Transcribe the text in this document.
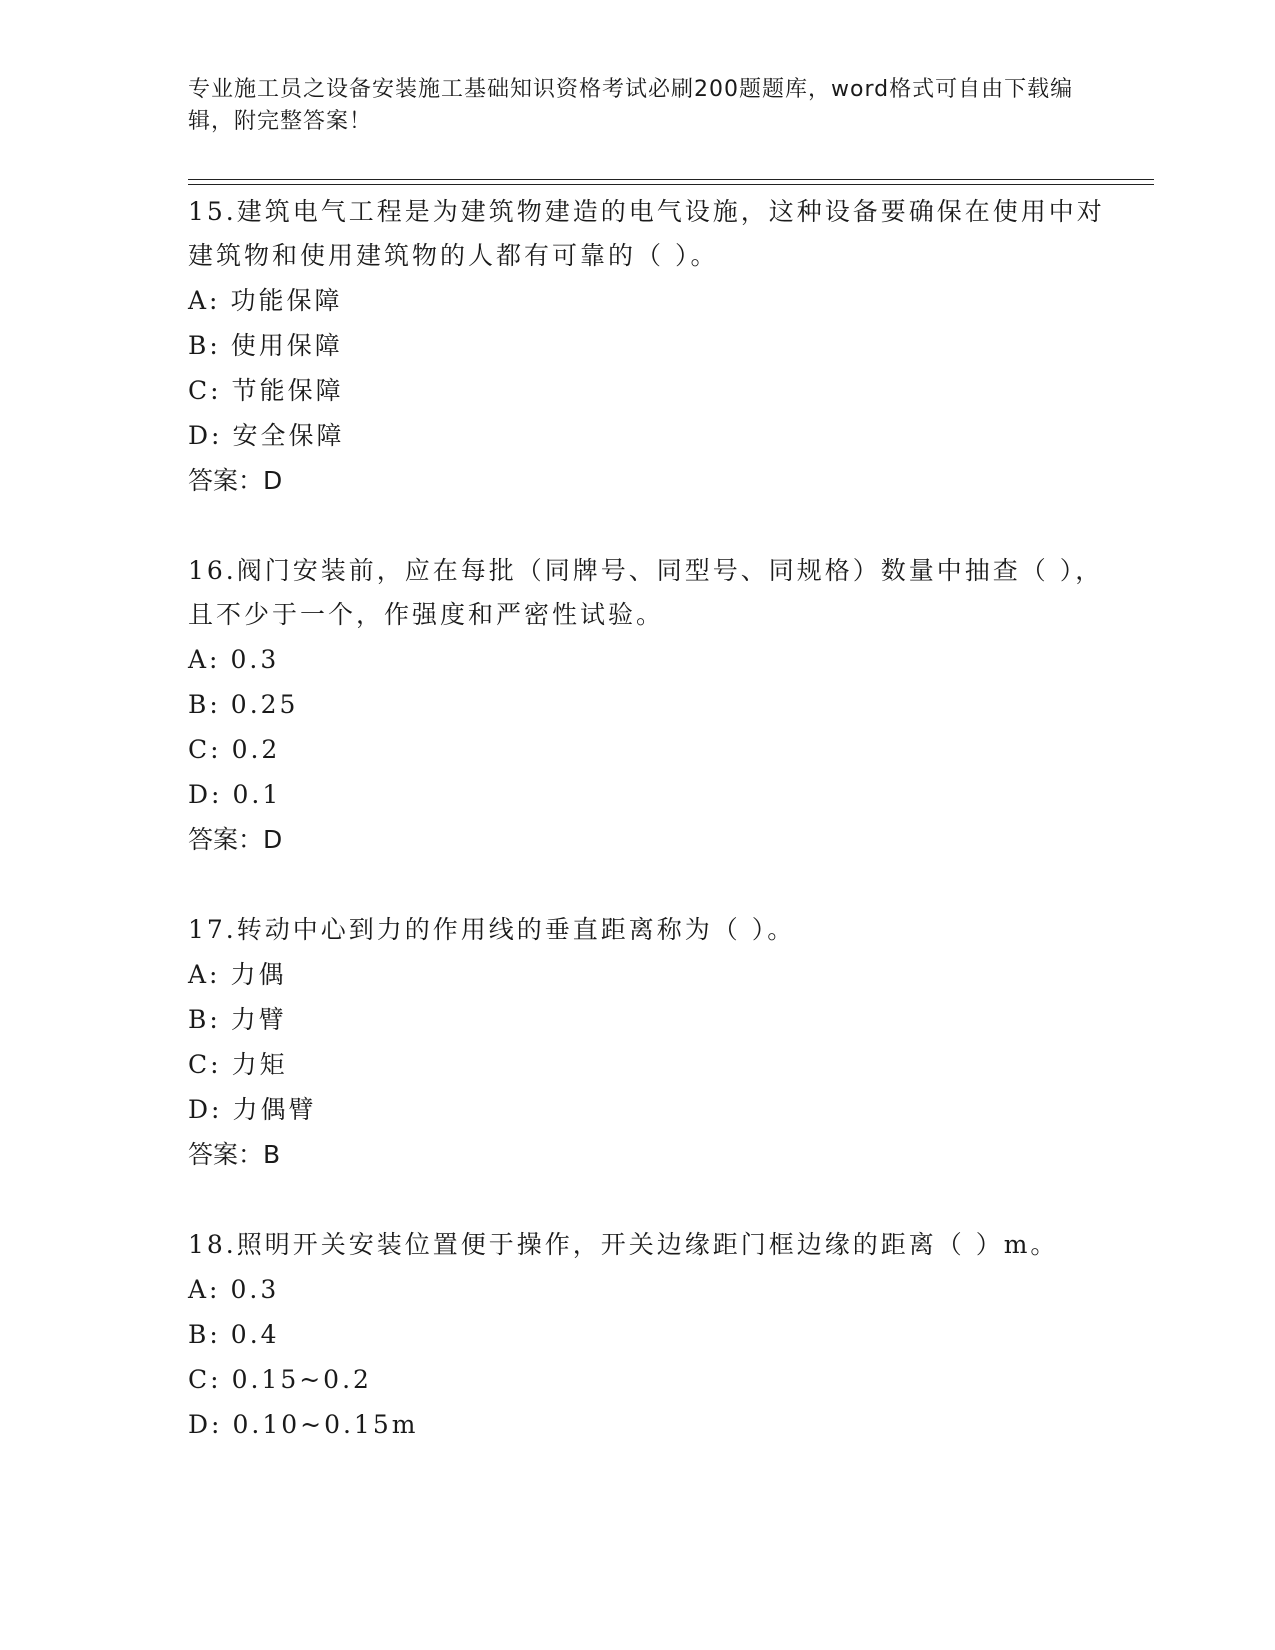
专业施工员之设备安装施工基础知识资格考试必刷200题题库，word格式可自由下载编辑，附完整答案！

15.建筑电气工程是为建筑物建造的电气设施，这种设备要确保在使用中对建筑物和使用建筑物的人都有可靠的（ ）。

A: 功能保障
B: 使用保障
C: 节能保障
D: 安全保障
答案：D

16.阀门安装前，应在每批（同牌号、同型号、同规格）数量中抽查（ ），且不少于一个，作强度和严密性试验。

A: 0.3
B: 0.25
C: 0.2
D: 0.1
答案：D

17.转动中心到力的作用线的垂直距离称为（ ）。

A: 力偶
B: 力臂
C: 力矩
D: 力偶臂
答案：B

18.照明开关安装位置便于操作，开关边缘距门框边缘的距离（ ）m。

A: 0.3
B: 0.4
C: 0.15~0.2
D: 0.10~0.15m
